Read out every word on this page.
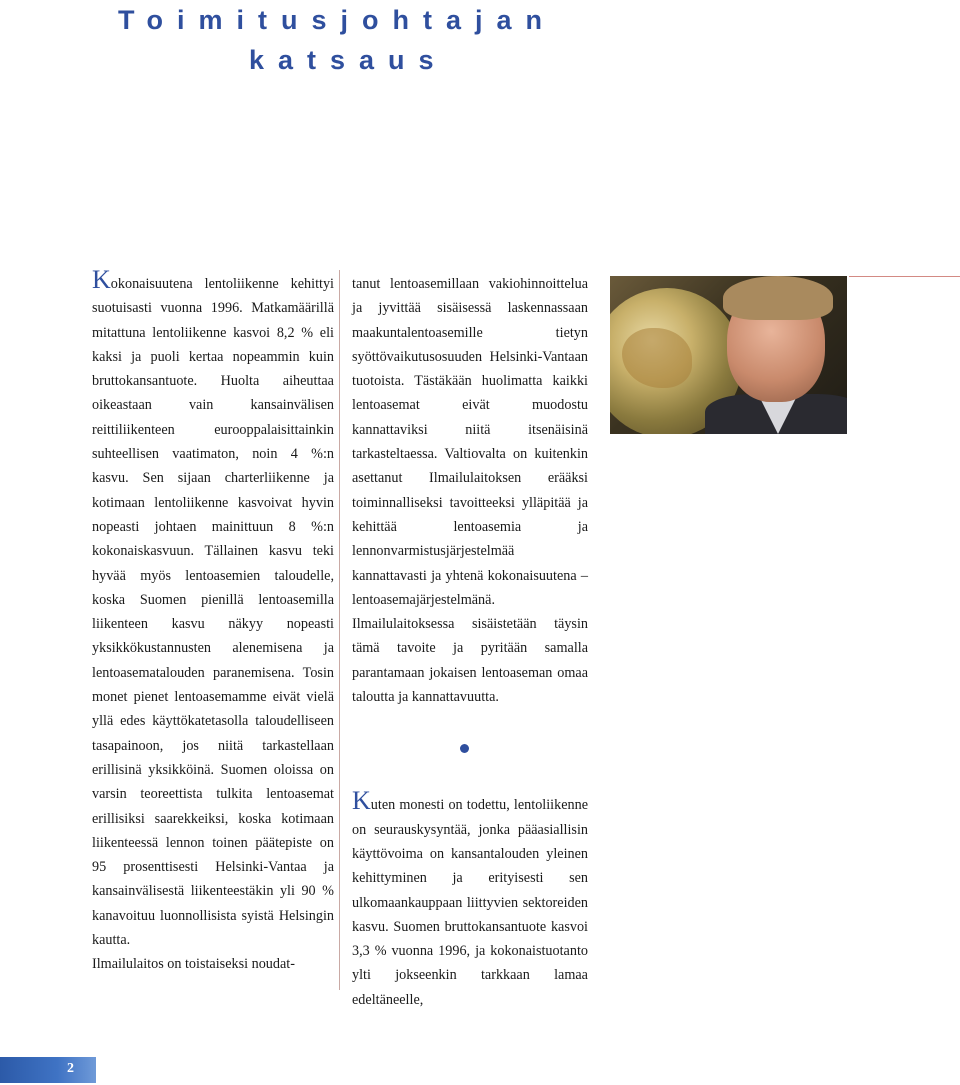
Toimitusjohtajan
katsaus

Kokonaisuutena lentoliikenne kehittyi suotuisasti vuonna 1996. Matkamäärillä mitattuna lentoliikenne kasvoi 8,2 % eli kaksi ja puoli kertaa nopeammin kuin bruttokansantuote. Huolta aiheuttaa oikeastaan vain kansainvälisen reittiliikenteen eurooppalaisittainkin suhteellisen vaatimaton, noin 4 %:n kasvu. Sen sijaan charterliikenne ja kotimaan lentoliikenne kasvoivat hyvin nopeasti johtaen mainittuun 8 %:n kokonaiskasvuun. Tällainen kasvu teki hyvää myös lentoasemien taloudelle, koska Suomen pienillä lentoasemilla liikenteen kasvu näkyy nopeasti yksikkökustannusten alenemisena ja lentoasematalouden paranemisena. Tosin monet pienet lentoasemamme eivät vielä yllä edes käyttökatetasolla taloudelliseen tasapainoon, jos niitä tarkastellaan erillisinä yksikköinä. Suomen oloissa on varsin teoreettista tulkita lentoasemat erillisiksi saarekkeiksi, koska kotimaan liikenteessä lennon toinen päätepiste on 95 prosenttisesti Helsinki-Vantaa ja kansainvälisestä liikenteestäkin yli 90 % kanavoituu luonnollisista syistä Helsingin kautta.

Ilmailulaitos on toistaiseksi noudat-

tanut lentoasemillaan vakiohinnoittelua ja jyvittää sisäisessä laskennassaan maakuntalentoasemille tietyn syöttövaikutusosuuden Helsinki-Vantaan tuotoista. Tästäkään huolimatta kaikki lentoasemat eivät muodostu kannattaviksi niitä itsenäisinä tarkasteltaessa. Valtiovalta on kuitenkin asettanut Ilmailulaitoksen erääksi toiminnalliseksi tavoitteeksi ylläpitää ja kehittää lentoasemia ja lennonvarmistusjärjestelmää kannattavasti ja yhtenä kokonaisuutena – lentoasemajärjestelmänä. Ilmailulaitoksessa sisäistetään täysin tämä tavoite ja pyritään samalla parantamaan jokaisen lentoaseman omaa taloutta ja kannattavuutta.

Kuten monesti on todettu, lentoliikenne on seurauskysyntää, jonka pääasiallisin käyttövoima on kansantalouden yleinen kehittyminen ja erityisesti sen ulkomaankauppaan liittyvien sektoreiden kasvu. Suomen bruttokansantuote kasvoi 3,3 % vuonna 1996, ja kokonaistuotanto ylti jokseenkin tarkkaan lamaa edeltäneelle,

2
